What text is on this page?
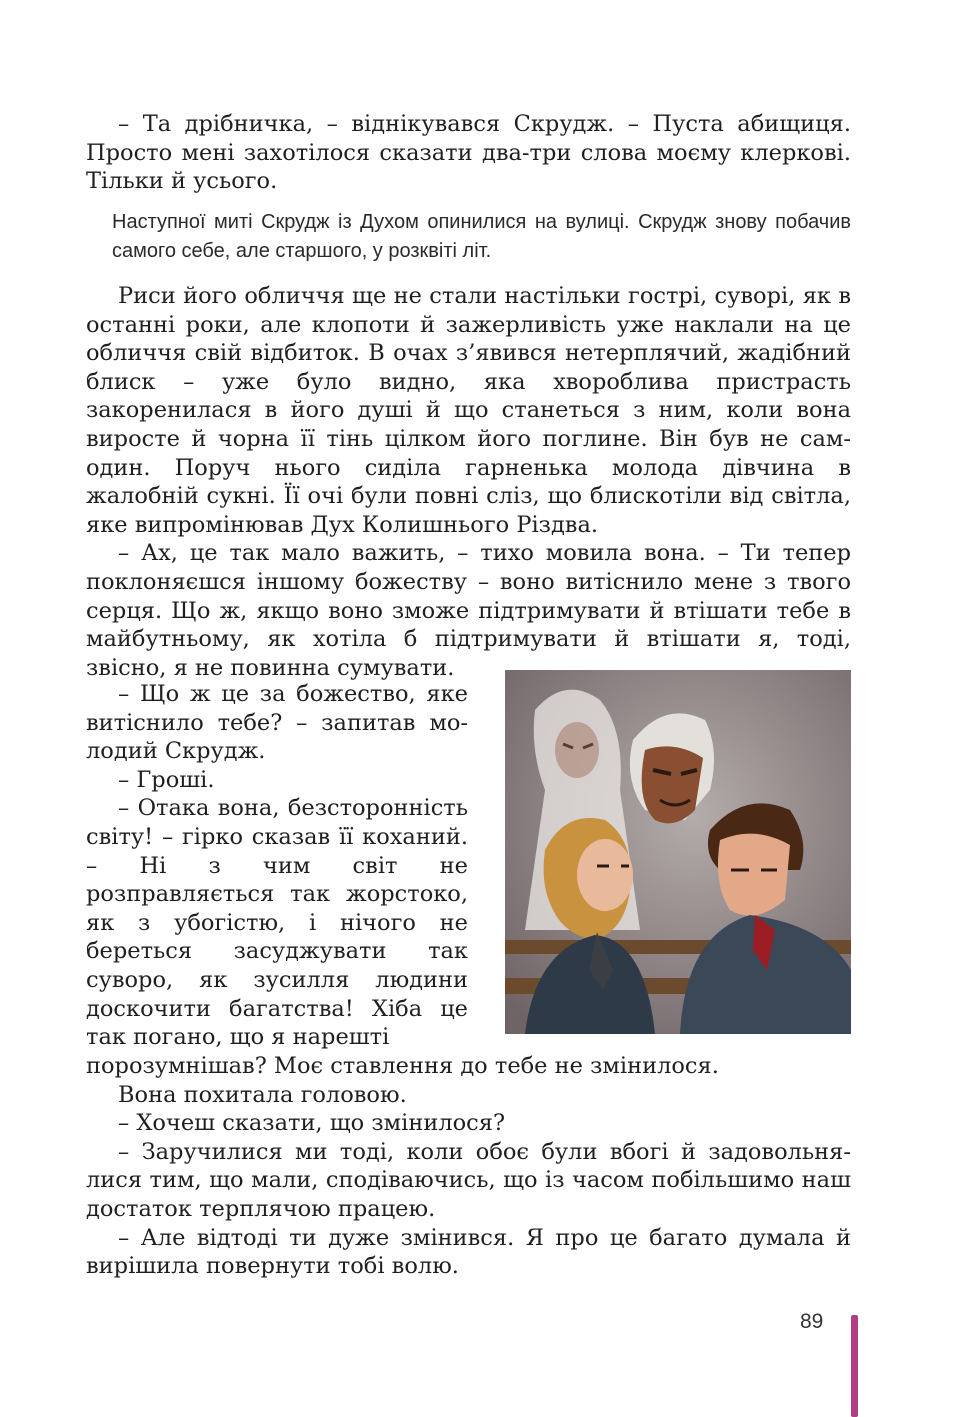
– Та дрібничка, – віднікувався Скрудж. – Пуста абищиця. Просто мені захотілося сказати два-три слова моєму клеркові. Тільки й усього.

Наступної миті Скрудж із Духом опинилися на вулиці. Скрудж знову побачив самого себе, але старшого, у розквіті літ.

Риси його обличчя ще не стали настільки гострі, суворі, як в останні роки, але клопоти й зажерливість уже наклали на це обличчя свій відбиток. В очах з’явився нетерплячий, жадібний блиск – уже було видно, яка хвороблива пристрасть закоренилася в його душі й що станеться з ним, коли вона виросте й чорна її тінь цілком його поглине. Він був не сам-один. Поруч нього сиділа гарненька молода дівчина в жалобній сукні. Її очі були повні сліз, що блискотіли від світла, яке випромінював Дух Колишнього Різдва.

– Ах, це так мало важить, – тихо мовила вона. – Ти тепер поклоняєшся іншому божеству – воно витіснило мене з твого серця. Що ж, якщо воно зможе підтримувати й втішати тебе в майбутньому, як хотіла б підтримувати й втішати я, тоді, звісно, я не повинна сумувати.

– Що ж це за божество, яке витіснило тебе? – запитав молодий Скрудж.

– Гроші.

– Отака вона, безсторонність світу! – гірко сказав її коханий. – Ні з чим світ не розправляється так жорстоко, як з убогістю, і нічого не береться засуджувати так суворо, як зусилля людини доскочити багатства! Хіба це так погано, що я нарешті

порозумнішав? Моє ставлення до тебе не змінилося.

Вона похитала головою.

– Хочеш сказати, що змінилося?

– Заручилися ми тоді, коли обоє були вбогі й задовольнялися тим, що мали, сподіваючись, що із часом побільшимо наш достаток терплячою працею.

– Але відтоді ти дуже змінився. Я про це багато думала й вирішила повернути тобі волю.

89
